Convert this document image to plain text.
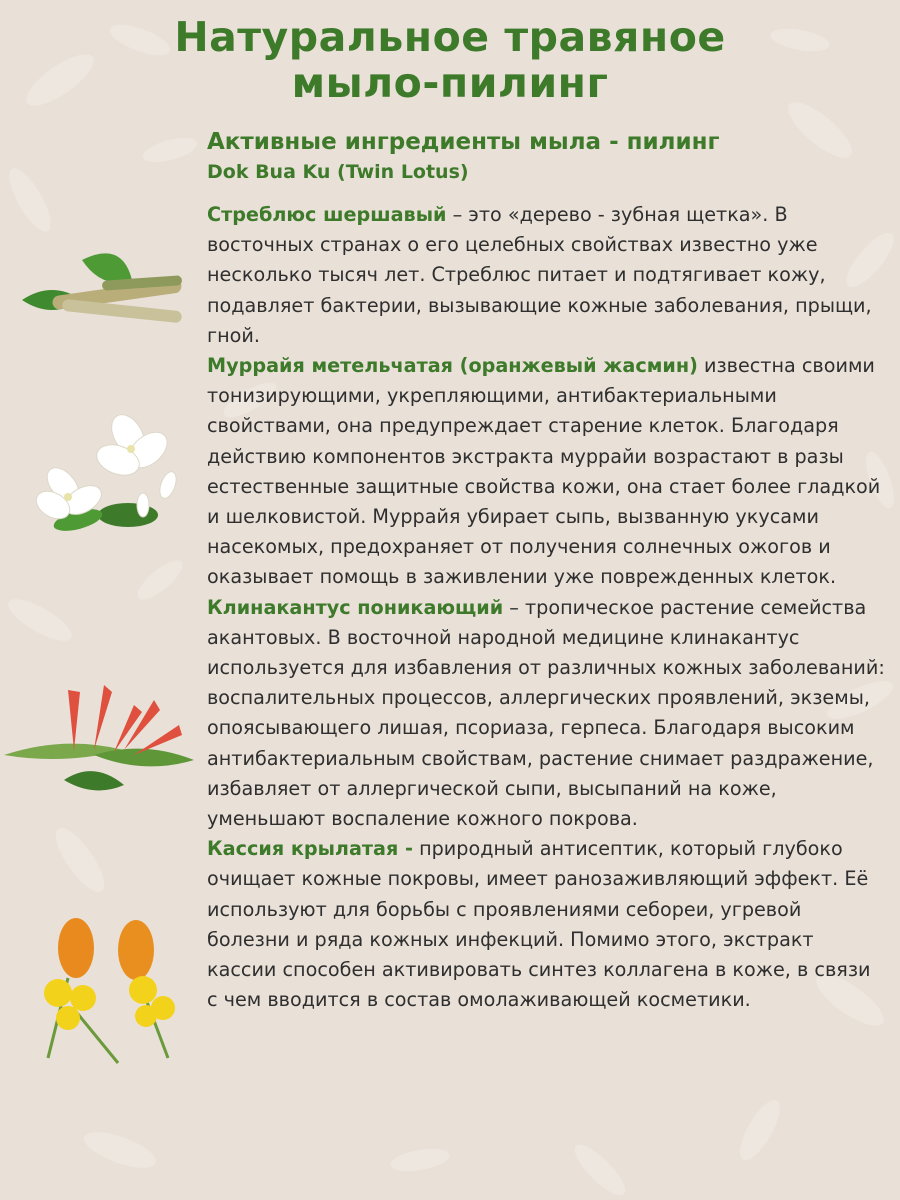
Натуральное травяное
мыло-пилинг
Активные ингредиенты мыла - пилинг
Dok Bua Ku (Twin Lotus)

Стреблюс шершавый – это «дерево - зубная щетка». В восточных странах о его целебных свойствах известно уже несколько тысяч лет. Стреблюс питает и подтягивает кожу, подавляет бактерии, вызывающие кожные заболевания, прыщи, гной.

Муррайя метельчатая (оранжевый жасмин) известна своими тонизирующими, укрепляющими, антибактериальными свойствами, она предупреждает старение клеток. Благодаря действию компонентов экстракта муррайи возрастают в разы естественные защитные свойства кожи, она стает более гладкой и шелковистой. Муррайя убирает сыпь, вызванную укусами насекомых, предохраняет от получения солнечных ожогов и оказывает помощь в заживлении уже поврежденных клеток.

Клинакантус поникающий – тропическое растение семейства акантовых. В восточной народной медицине клинакантус используется для избавления от различных кожных заболеваний: воспалительных процессов, аллергических проявлений, экземы, опоясывающего лишая, псориаза, герпеса. Благодаря высоким антибактериальным свойствам, растение снимает раздражение, избавляет от аллергической сыпи, высыпаний на коже, уменьшают воспаление кожного покрова.

Кассия крылатая - природный антисептик, который глубоко очищает кожные покровы, имеет ранозаживляющий эффект. Её используют для борьбы с проявлениями себореи, угревой болезни и ряда кожных инфекций. Помимо этого, экстракт кассии способен активировать синтез коллагена в коже, в связи с чем вводится в состав омолаживающей косметики.
